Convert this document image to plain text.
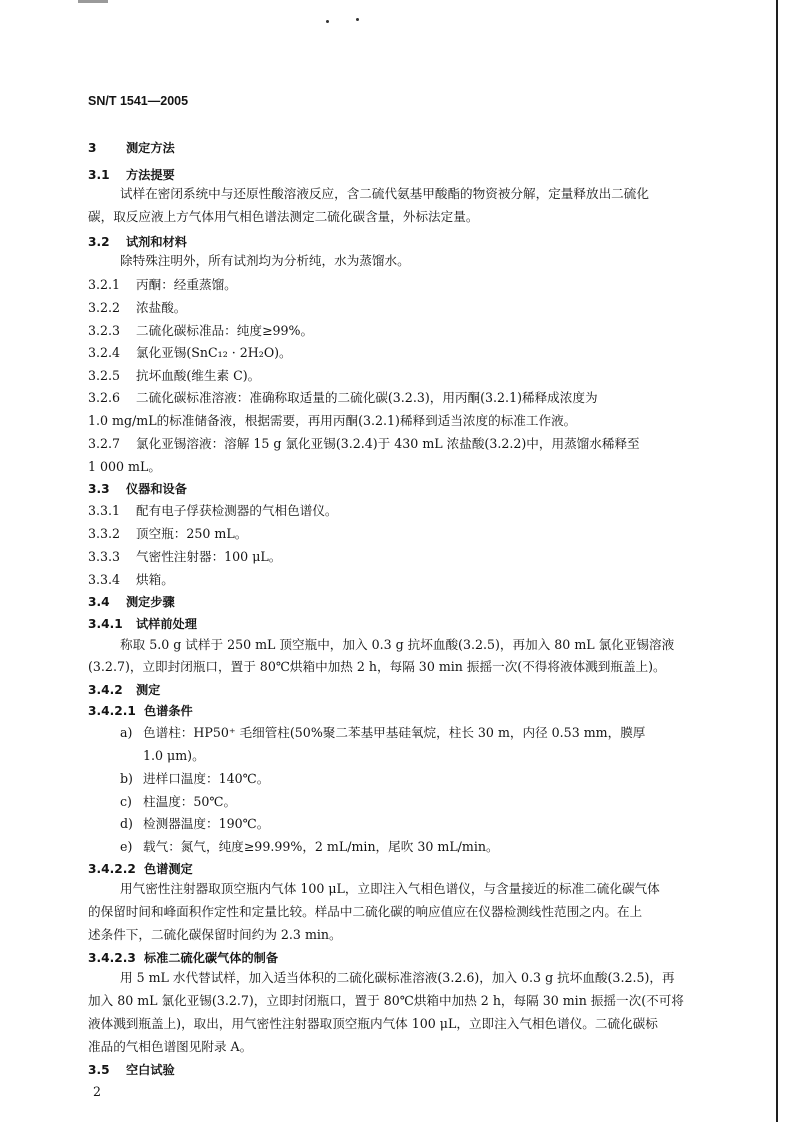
SN/T 1541—2005
3 测定方法
3.1 方法提要
试样在密闭系统中与还原性酸溶液反应，含二硫代氨基甲酸酯的物资被分解，定量释放出二硫化
碳，取反应液上方气体用气相色谱法测定二硫化碳含量，外标法定量。
3.2 试剂和材料
除特殊注明外，所有试剂均为分析纯，水为蒸馏水。
3.2.1 丙酮：经重蒸馏。
3.2.2 浓盐酸。
3.2.3 二硫化碳标准品：纯度≥99%。
3.2.4 氯化亚锡(SnC₁₂ · 2H₂O)。
3.2.5 抗坏血酸(维生素 C)。
3.2.6 二硫化碳标准溶液：准确称取适量的二硫化碳(3.2.3)，用丙酮(3.2.1)稀释成浓度为
1.0 mg/mL的标准储备液，根据需要，再用丙酮(3.2.1)稀释到适当浓度的标准工作液。
3.2.7 氯化亚锡溶液：溶解 15 g 氯化亚锡(3.2.4)于 430 mL 浓盐酸(3.2.2)中，用蒸馏水稀释至
1 000 mL。
3.3 仪器和设备
3.3.1 配有电子俘获检测器的气相色谱仪。
3.3.2 顶空瓶：250 mL。
3.3.3 气密性注射器：100 μL。
3.3.4 烘箱。
3.4 测定步骤
3.4.1 试样前处理
称取 5.0 g 试样于 250 mL 顶空瓶中，加入 0.3 g 抗坏血酸(3.2.5)，再加入 80 mL 氯化亚锡溶液
(3.2.7)，立即封闭瓶口，置于 80℃烘箱中加热 2 h，每隔 30 min 振摇一次(不得将液体溅到瓶盖上)。
3.4.2 测定
3.4.2.1 色谱条件
a) 色谱柱：HP50⁺ 毛细管柱(50%聚二苯基甲基硅氧烷，柱长 30 m，内径 0.53 mm，膜厚
1.0 μm)。
b) 进样口温度：140℃。
c) 柱温度：50℃。
d) 检测器温度：190℃。
e) 载气：氮气，纯度≥99.99%，2 mL/min，尾吹 30 mL/min。
3.4.2.2 色谱测定
用气密性注射器取顶空瓶内气体 100 μL，立即注入气相色谱仪，与含量接近的标准二硫化碳气体
的保留时间和峰面积作定性和定量比较。样品中二硫化碳的响应值应在仪器检测线性范围之内。在上
述条件下，二硫化碳保留时间约为 2.3 min。
3.4.2.3 标准二硫化碳气体的制备
用 5 mL 水代替试样，加入适当体积的二硫化碳标准溶液(3.2.6)，加入 0.3 g 抗坏血酸(3.2.5)，再
加入 80 mL 氯化亚锡(3.2.7)，立即封闭瓶口，置于 80℃烘箱中加热 2 h，每隔 30 min 振摇一次(不可将
液体溅到瓶盖上)，取出，用气密性注射器取顶空瓶内气体 100 μL，立即注入气相色谱仪。二硫化碳标
准品的气相色谱图见附录 A。
3.5 空白试验
2
